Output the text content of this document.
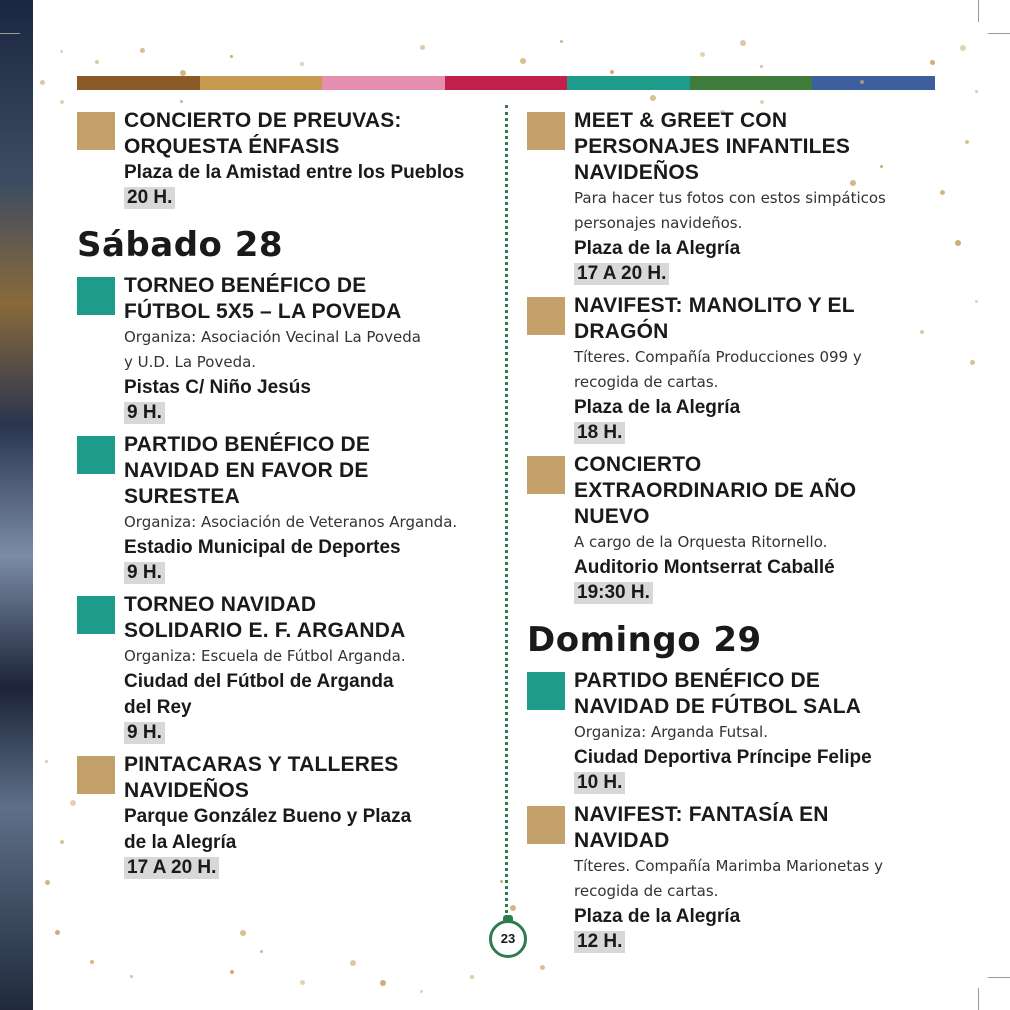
CONCIERTO DE PREUVAS:
ORQUESTA ÉNFASIS
Plaza de la Amistad entre los Pueblos
20 H.
Sábado 28
TORNEO BENÉFICO DE
FÚTBOL 5X5 – LA POVEDA
Organiza: Asociación Vecinal La Poveda
y U.D. La Poveda.
Pistas C/ Niño Jesús
9 H.
PARTIDO BENÉFICO DE
NAVIDAD EN FAVOR DE
SURESTEA
Organiza: Asociación de Veteranos Arganda.
Estadio Municipal de Deportes
9 H.
TORNEO NAVIDAD
SOLIDARIO E. F. ARGANDA
Organiza: Escuela de Fútbol Arganda.
Ciudad del Fútbol de Arganda
del Rey
9 H.
PINTACARAS Y TALLERES
NAVIDEÑOS
Parque González Bueno y Plaza
de la Alegría
17 A 20 H.
MEET & GREET CON
PERSONAJES INFANTILES
NAVIDEÑOS
Para hacer tus fotos con estos simpáticos
personajes navideños.
Plaza de la Alegría
17 A 20 H.
NAVIFEST: MANOLITO Y EL
DRAGÓN
Títeres. Compañía Producciones 099 y
recogida de cartas.
Plaza de la Alegría
18 H.
CONCIERTO
EXTRAORDINARIO DE AÑO
NUEVO
A cargo de la Orquesta Ritornello.
Auditorio Montserrat Caballé
19:30 H.
Domingo 29
PARTIDO BENÉFICO DE
NAVIDAD DE FÚTBOL SALA
Organiza: Arganda Futsal.
Ciudad Deportiva Príncipe Felipe
10 H.
NAVIFEST: FANTASÍA EN
NAVIDAD
Títeres. Compañía Marimba Marionetas y
recogida de cartas.
Plaza de la Alegría
12 H.
23
